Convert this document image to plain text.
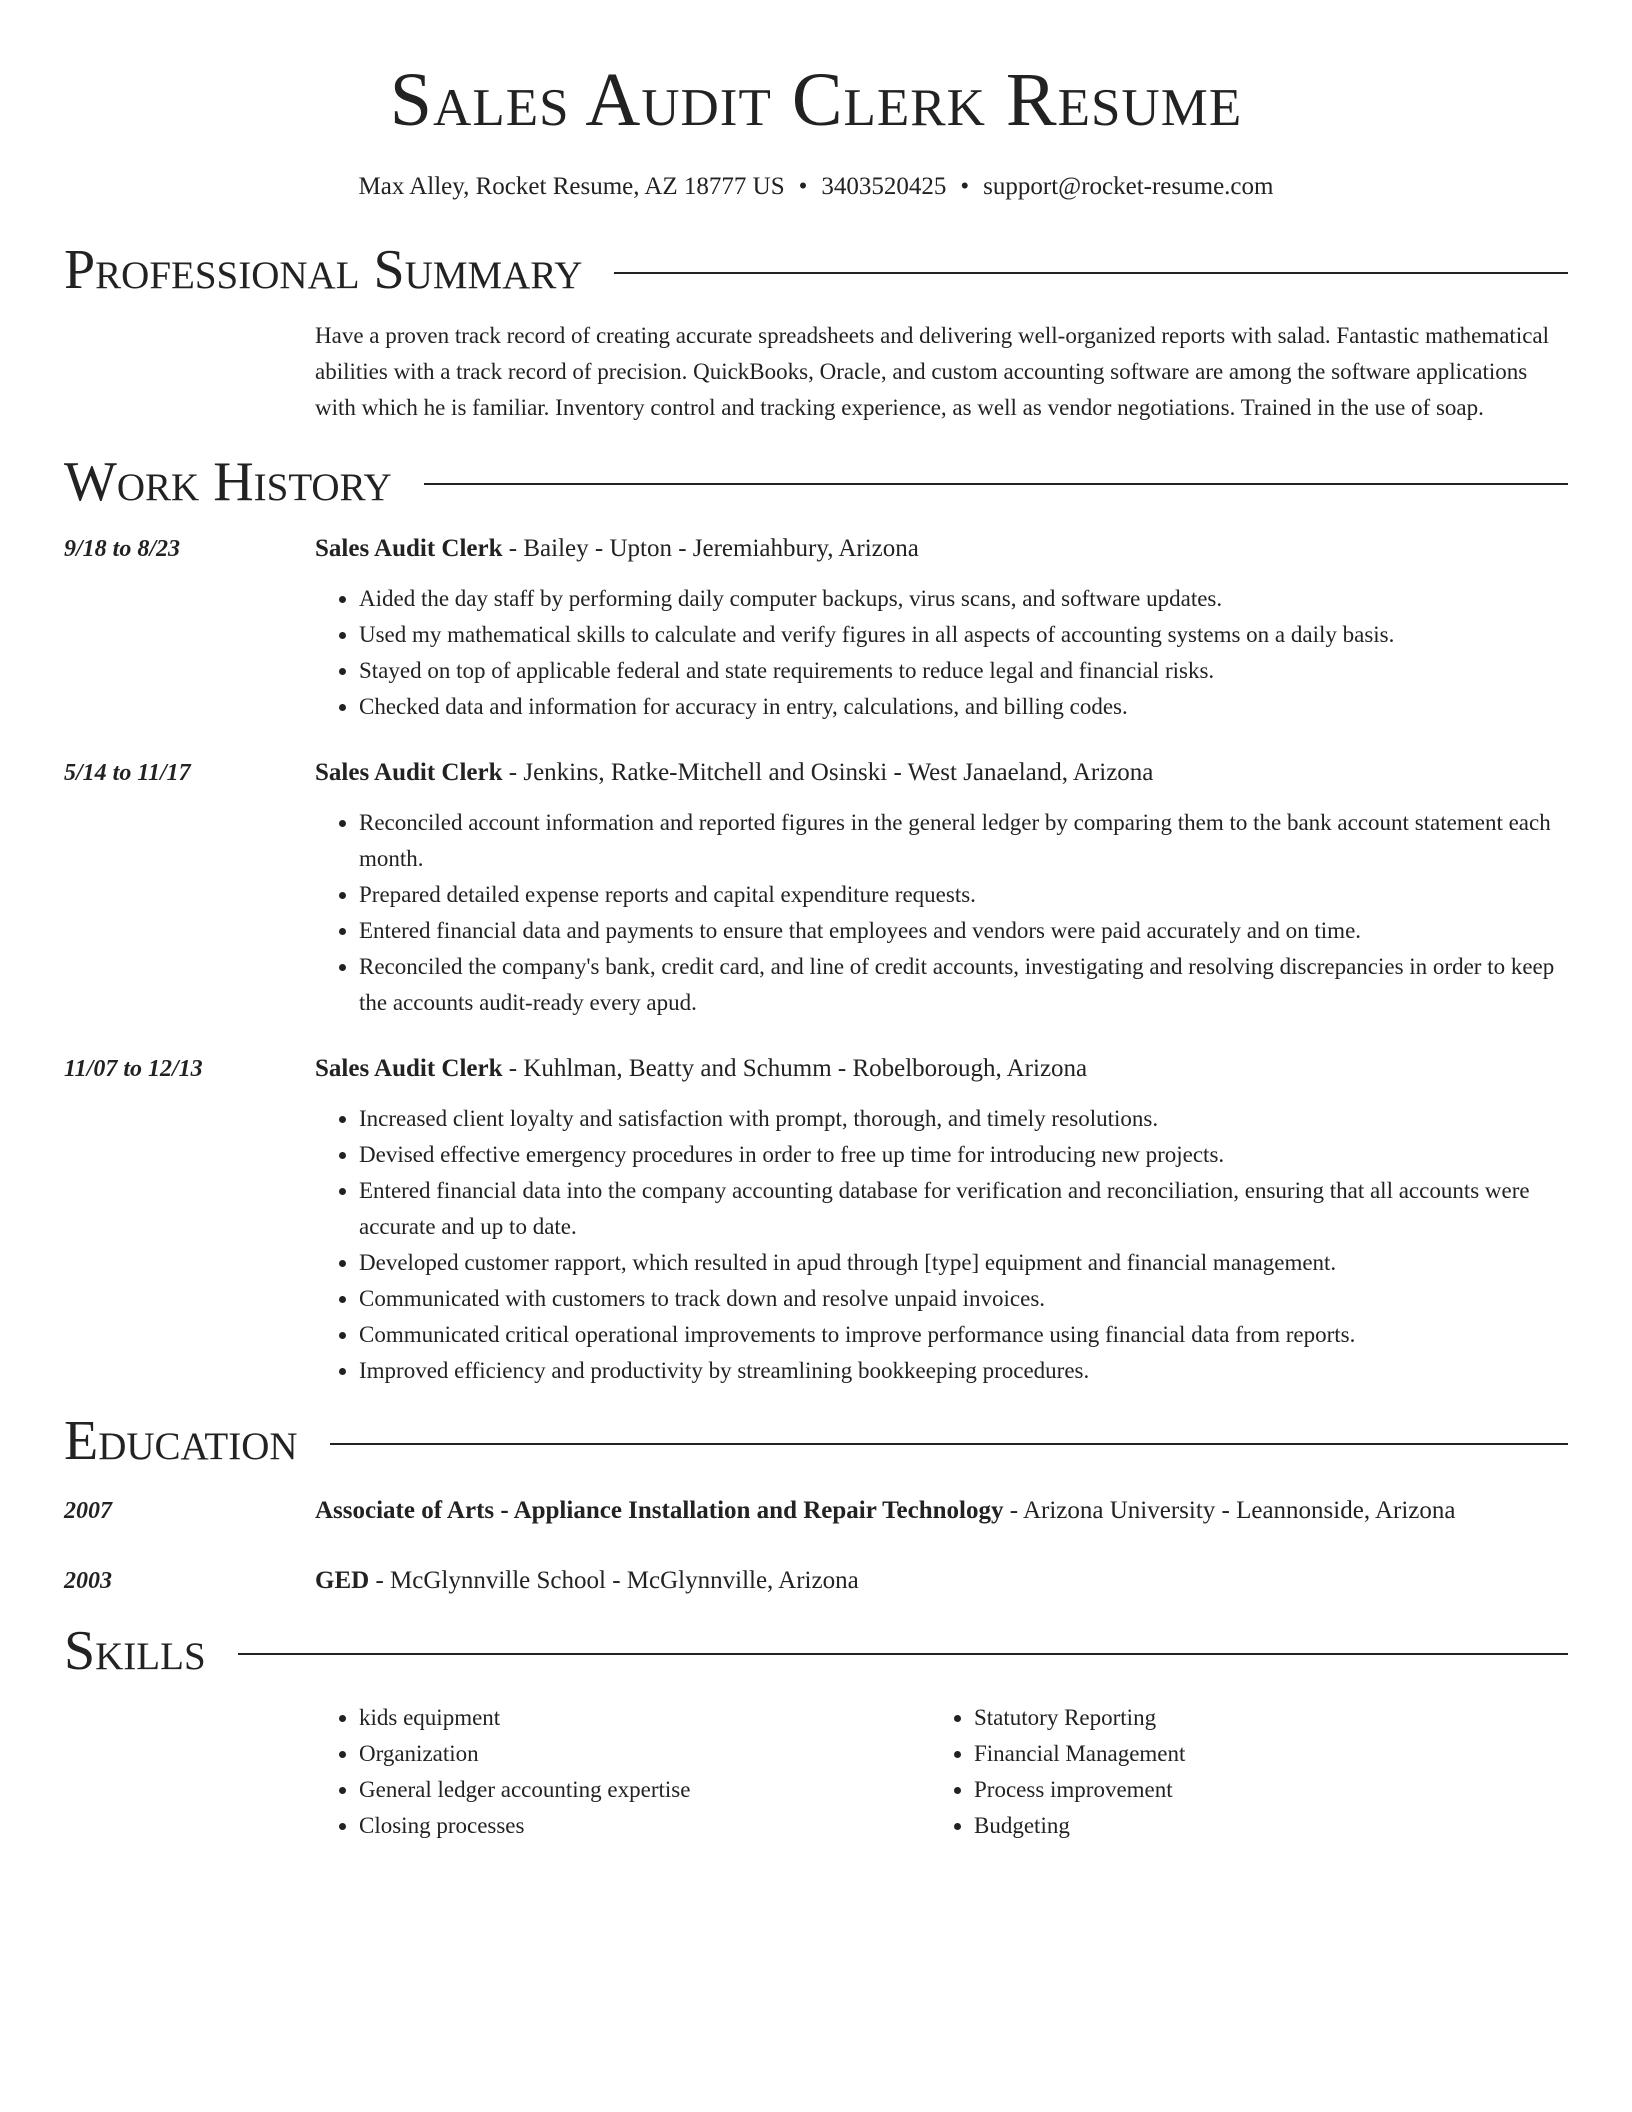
Sales Audit Clerk Resume
Max Alley, Rocket Resume, AZ 18777 US • 3403520425 • support@rocket-resume.com
Professional Summary
Have a proven track record of creating accurate spreadsheets and delivering well-organized reports with salad. Fantastic mathematical abilities with a track record of precision. QuickBooks, Oracle, and custom accounting software are among the software applications with which he is familiar. Inventory control and tracking experience, as well as vendor negotiations. Trained in the use of soap.
Work History
9/18 to 8/23	Sales Audit Clerk - Bailey - Upton - Jeremiahbury, Arizona
• Aided the day staff by performing daily computer backups, virus scans, and software updates.
• Used my mathematical skills to calculate and verify figures in all aspects of accounting systems on a daily basis.
• Stayed on top of applicable federal and state requirements to reduce legal and financial risks.
• Checked data and information for accuracy in entry, calculations, and billing codes.
5/14 to 11/17	Sales Audit Clerk - Jenkins, Ratke-Mitchell and Osinski - West Janaeland, Arizona
• Reconciled account information and reported figures in the general ledger by comparing them to the bank account statement each month.
• Prepared detailed expense reports and capital expenditure requests.
• Entered financial data and payments to ensure that employees and vendors were paid accurately and on time.
• Reconciled the company's bank, credit card, and line of credit accounts, investigating and resolving discrepancies in order to keep the accounts audit-ready every apud.
11/07 to 12/13	Sales Audit Clerk - Kuhlman, Beatty and Schumm - Robelborough, Arizona
• Increased client loyalty and satisfaction with prompt, thorough, and timely resolutions.
• Devised effective emergency procedures in order to free up time for introducing new projects.
• Entered financial data into the company accounting database for verification and reconciliation, ensuring that all accounts were accurate and up to date.
• Developed customer rapport, which resulted in apud through [type] equipment and financial management.
• Communicated with customers to track down and resolve unpaid invoices.
• Communicated critical operational improvements to improve performance using financial data from reports.
• Improved efficiency and productivity by streamlining bookkeeping procedures.
Education
2007	Associate of Arts - Appliance Installation and Repair Technology - Arizona University - Leannonside, Arizona
2003	GED - McGlynnville School - McGlynnville, Arizona
Skills
• kids equipment
• Organization
• General ledger accounting expertise
• Closing processes
• Statutory Reporting
• Financial Management
• Process improvement
• Budgeting
